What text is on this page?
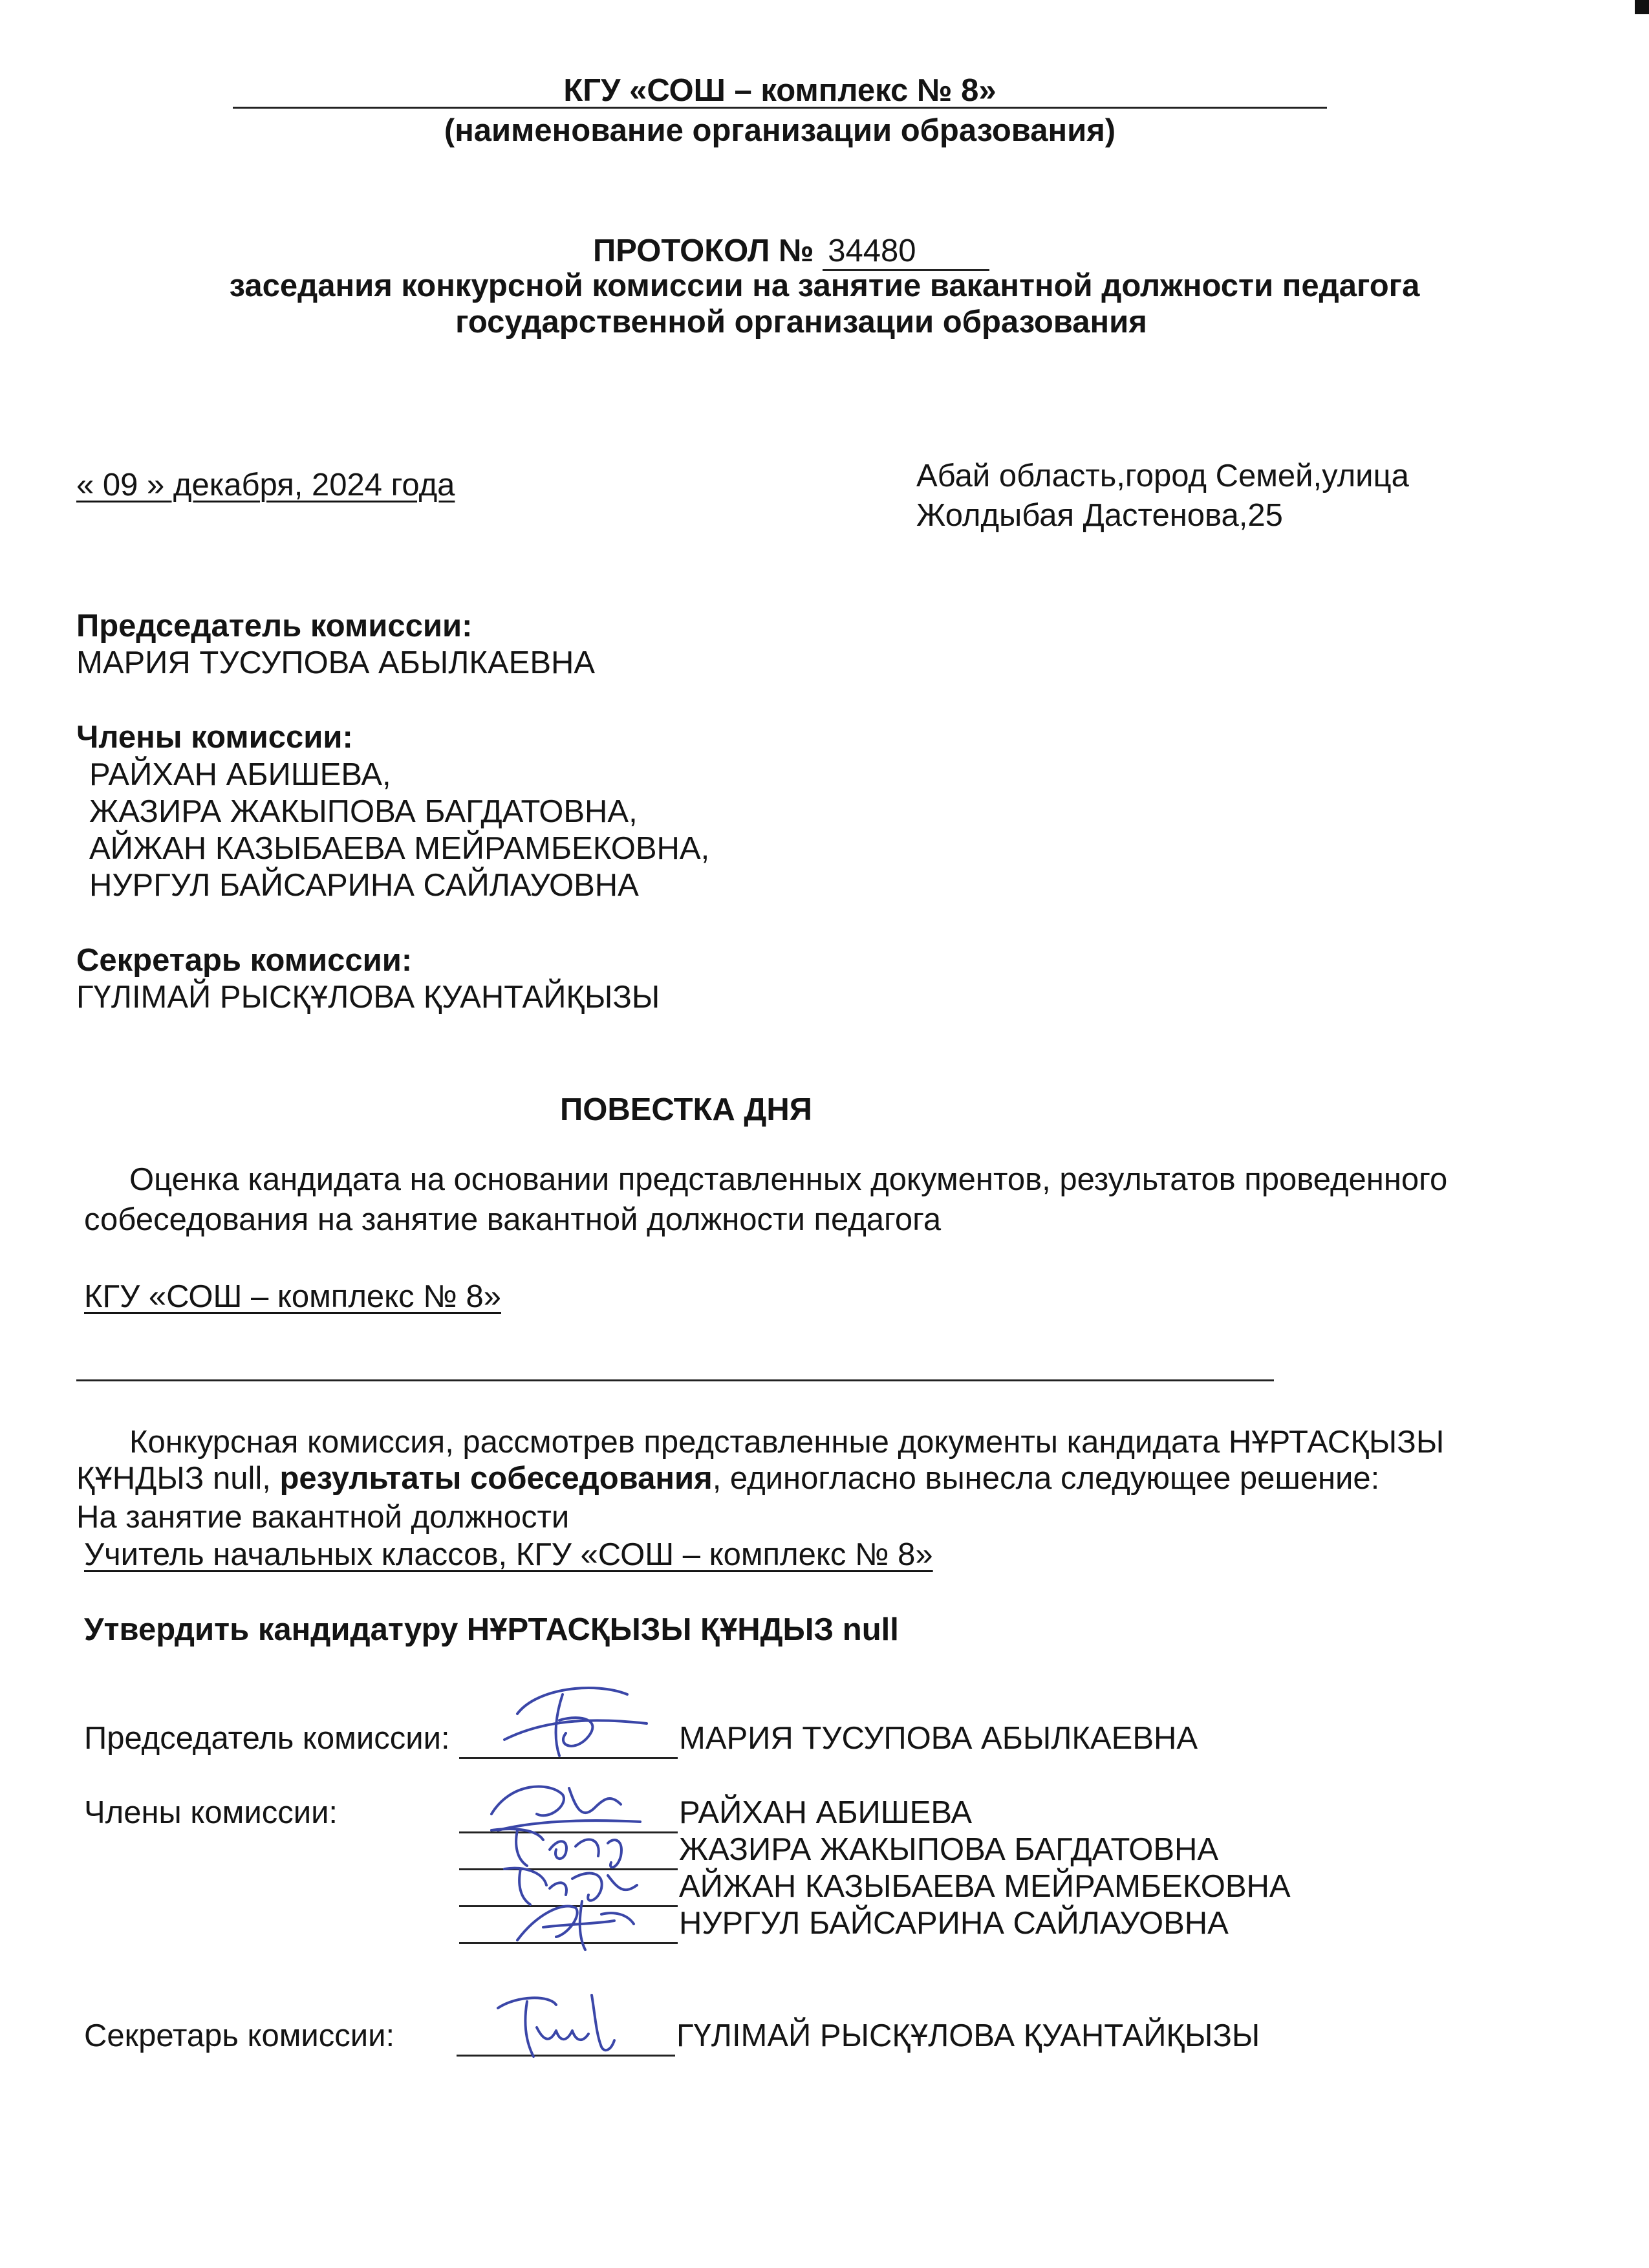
КГУ «СОШ – комплекс № 8»
(наименование организации образования)
ПРОТОКОЛ № 34480
заседания конкурсной комиссии на занятие вакантной должности педагога
государственной организации образования
« 09 » декабря, 2024 года	Абай область,город Семей,улица
Жолдыбая Дастенова,25
Председатель комиссии:
МАРИЯ ТУСУПОВА АБЫЛКАЕВНА
Члены комиссии:
РАЙХАН АБИШЕВА,
ЖАЗИРА ЖАКЫПОВА БАГДАТОВНА,
АЙЖАН КАЗЫБАЕВА МЕЙРАМБЕКОВНА,
НУРГУЛ БАЙСАРИНА САЙЛАУОВНА
Секретарь комиссии:
ГҮЛІМАЙ РЫСҚҰЛОВА ҚУАНТАЙҚЫЗЫ
ПОВЕСТКА ДНЯ
Оценка кандидата на основании представленных документов, результатов проведенного
собеседования на занятие вакантной должности педагога
КГУ «СОШ – комплекс № 8»
Конкурсная комиссия, рассмотрев представленные документы кандидата НҰРТАСҚЫЗЫ
ҚҰНДЫЗ null, результаты собеседования, единогласно вынесла следующее решение:
На занятие вакантной должности
Учитель начальных классов, КГУ «СОШ – комплекс № 8»
Утвердить кандидатуру НҰРТАСҚЫЗЫ ҚҰНДЫЗ null
Председатель комиссии:	МАРИЯ ТУСУПОВА АБЫЛКАЕВНА
Члены комиссии:	РАЙХАН АБИШЕВА
ЖАЗИРА ЖАКЫПОВА БАГДАТОВНА
АЙЖАН КАЗЫБАЕВА МЕЙРАМБЕКОВНА
НУРГУЛ БАЙСАРИНА САЙЛАУОВНА
Секретарь комиссии:	ГҮЛІМАЙ РЫСҚҰЛОВА ҚУАНТАЙҚЫЗЫ
